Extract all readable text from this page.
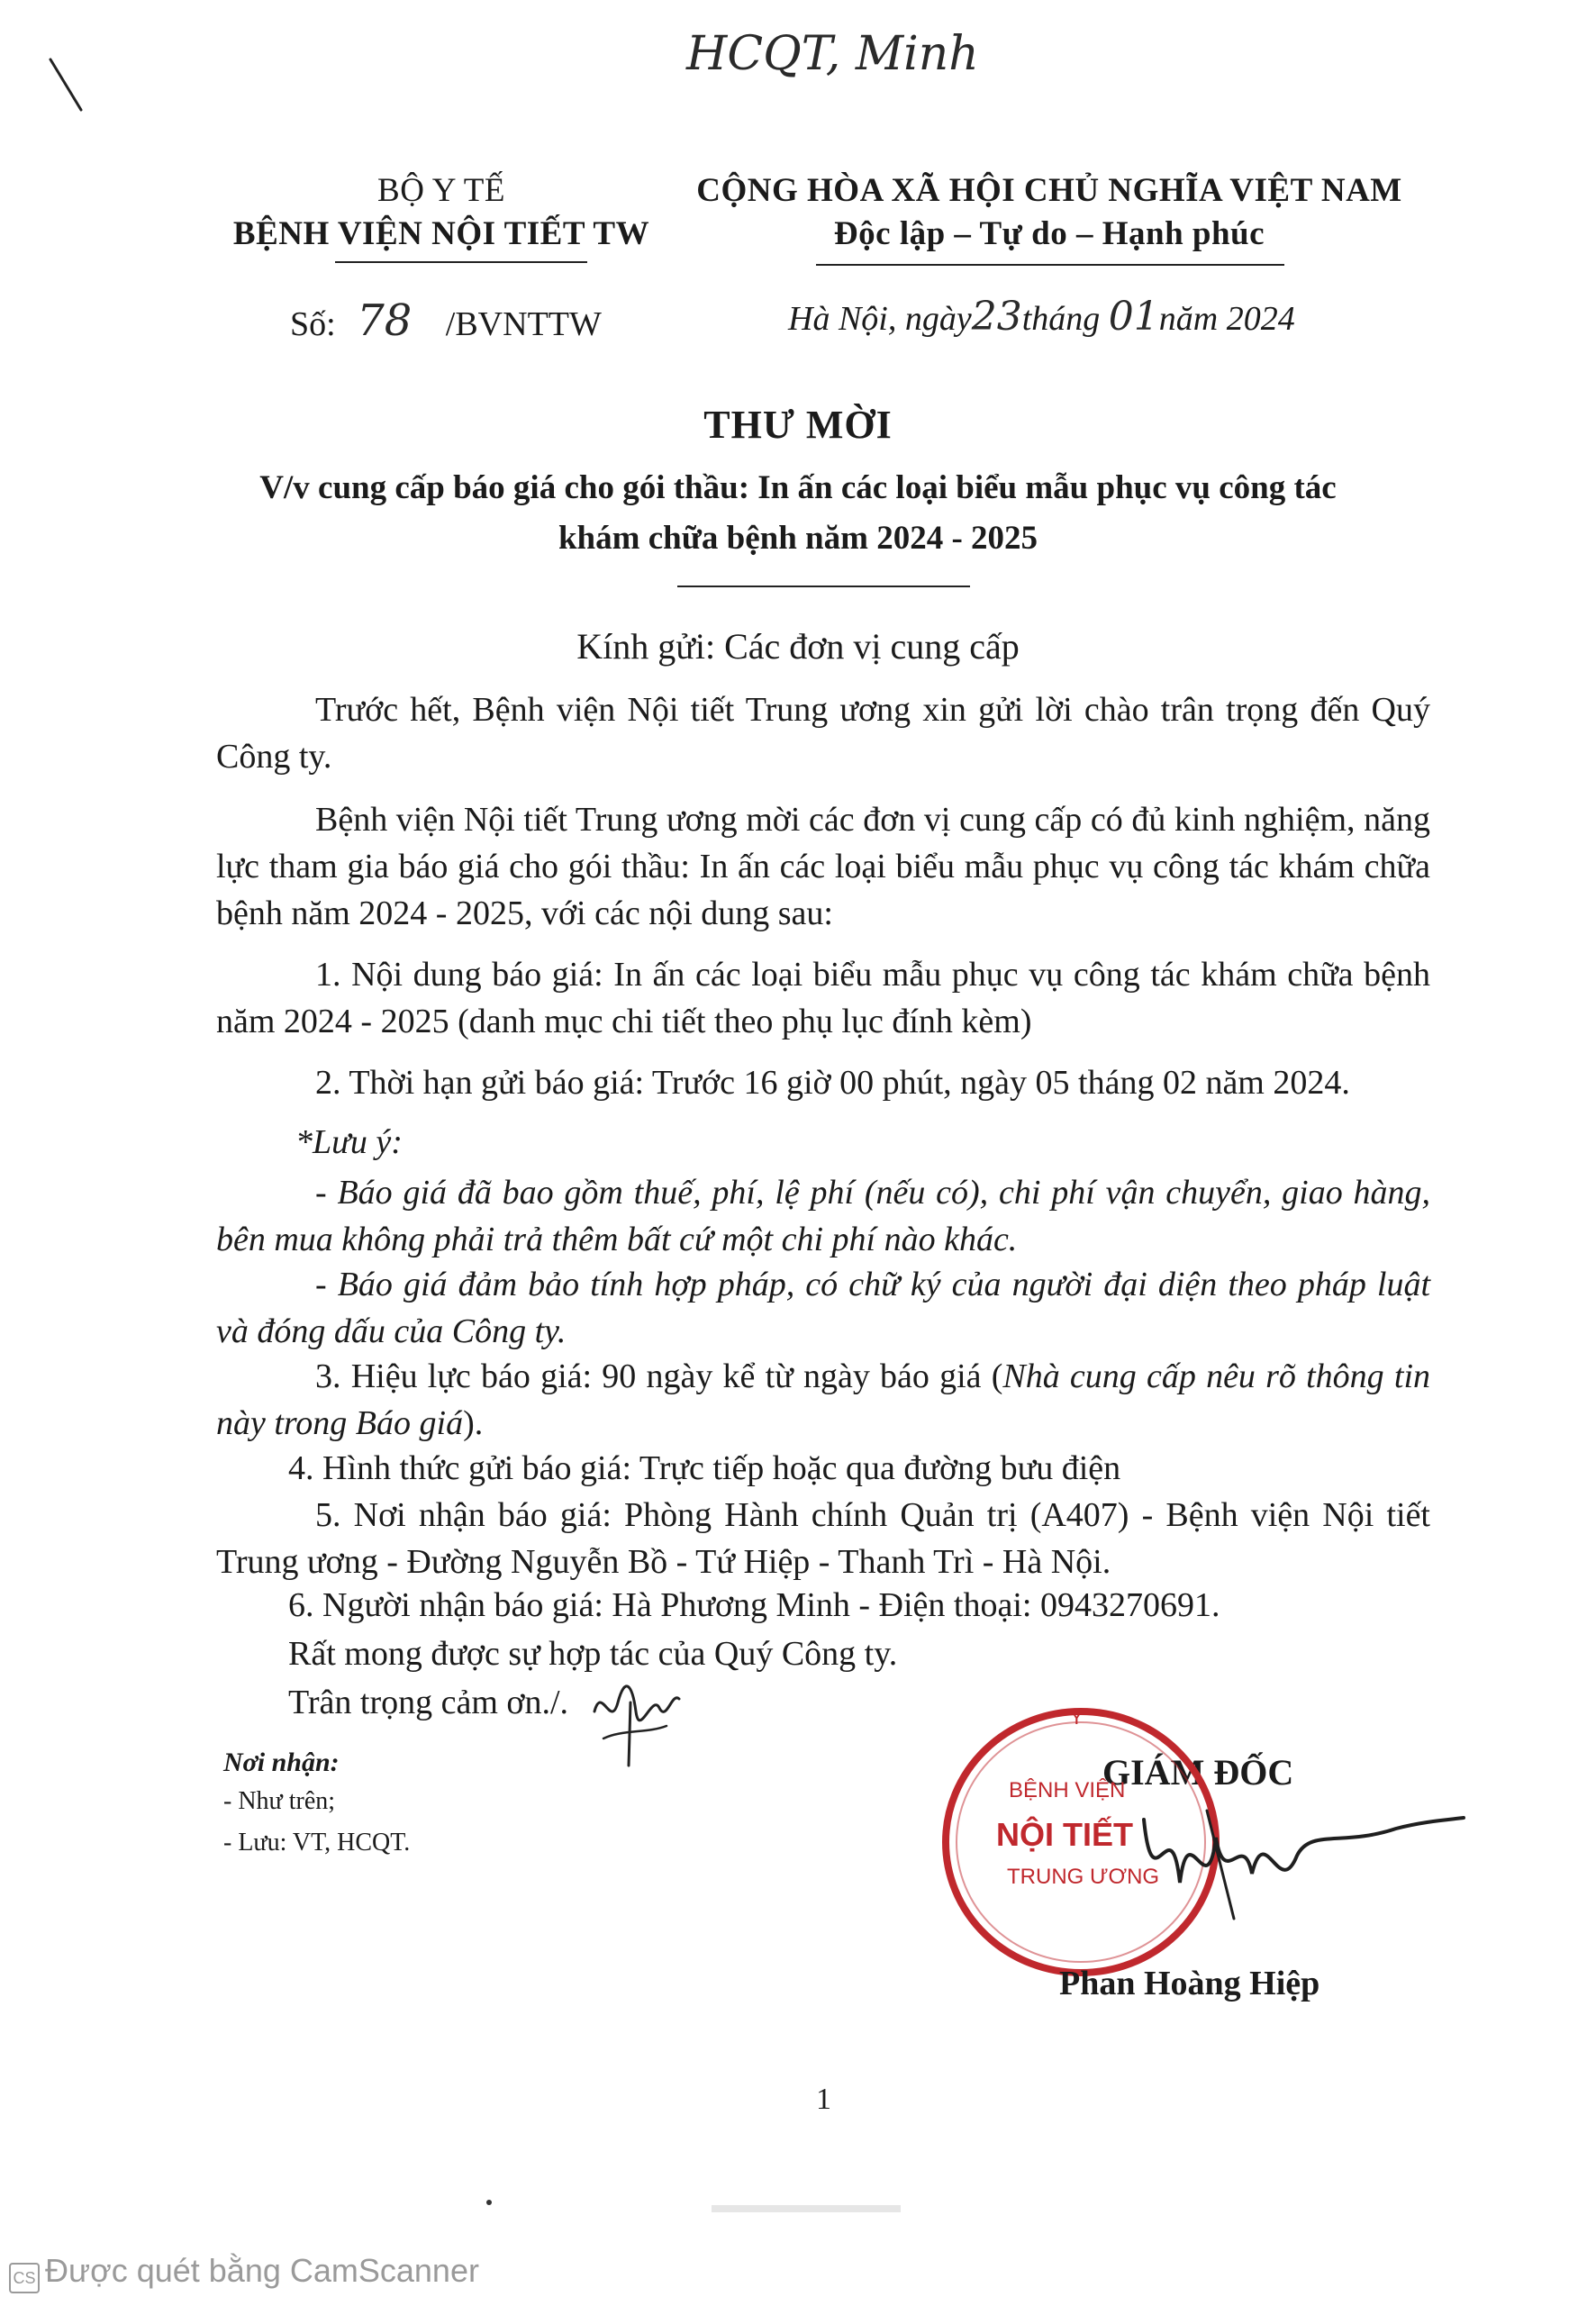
HCQT, Minh
BỘ Y TẾ
BỆNH VIỆN NỘI TIẾT TW
CỘNG HÒA XÃ HỘI CHỦ NGHĨA VIỆT NAM
Độc lập – Tự do – Hạnh phúc
Số: 78 /BVNTTW	Hà Nội, ngày23tháng 01năm 2024
THƯ MỜI
V/v cung cấp báo giá cho gói thầu: In ấn các loại biểu mẫu phục vụ công tác
khám chữa bệnh năm 2024 - 2025
Kính gửi: Các đơn vị cung cấp
Trước hết, Bệnh viện Nội tiết Trung ương xin gửi lời chào trân trọng đến Quý Công ty.
Bệnh viện Nội tiết Trung ương mời các đơn vị cung cấp có đủ kinh nghiệm, năng lực tham gia báo giá cho gói thầu: In ấn các loại biểu mẫu phục vụ công tác khám chữa bệnh năm 2024 - 2025, với các nội dung sau:
1. Nội dung báo giá: In ấn các loại biểu mẫu phục vụ công tác khám chữa bệnh năm 2024 - 2025 (danh mục chi tiết theo phụ lục đính kèm)
2. Thời hạn gửi báo giá: Trước 16 giờ 00 phút, ngày 05 tháng 02 năm 2024.
*Lưu ý:
- Báo giá đã bao gồm thuế, phí, lệ phí (nếu có), chi phí vận chuyển, giao hàng, bên mua không phải trả thêm bất cứ một chi phí nào khác.
- Báo giá đảm bảo tính hợp pháp, có chữ ký của người đại diện theo pháp luật và đóng dấu của Công ty.
3. Hiệu lực báo giá: 90 ngày kể từ ngày báo giá (Nhà cung cấp nêu rõ thông tin này trong Báo giá).
4. Hình thức gửi báo giá: Trực tiếp hoặc qua đường bưu điện
5. Nơi nhận báo giá: Phòng Hành chính Quản trị (A407) - Bệnh viện Nội tiết Trung ương - Đường Nguyễn Bồ - Tứ Hiệp - Thanh Trì - Hà Nội.
6. Người nhận báo giá: Hà Phương Minh - Điện thoại: 0943270691.
Rất mong được sự hợp tác của Quý Công ty.
Trân trọng cảm ơn./.
Nơi nhận:
- Như trên;
- Lưu: VT, HCQT.
GIÁM ĐỐC
Y
BỆNH VIỆN
NỘI TIẾT
TRUNG ƯƠNG
Phan Hoàng Hiệp
1
CS Được quét bằng CamScanner
